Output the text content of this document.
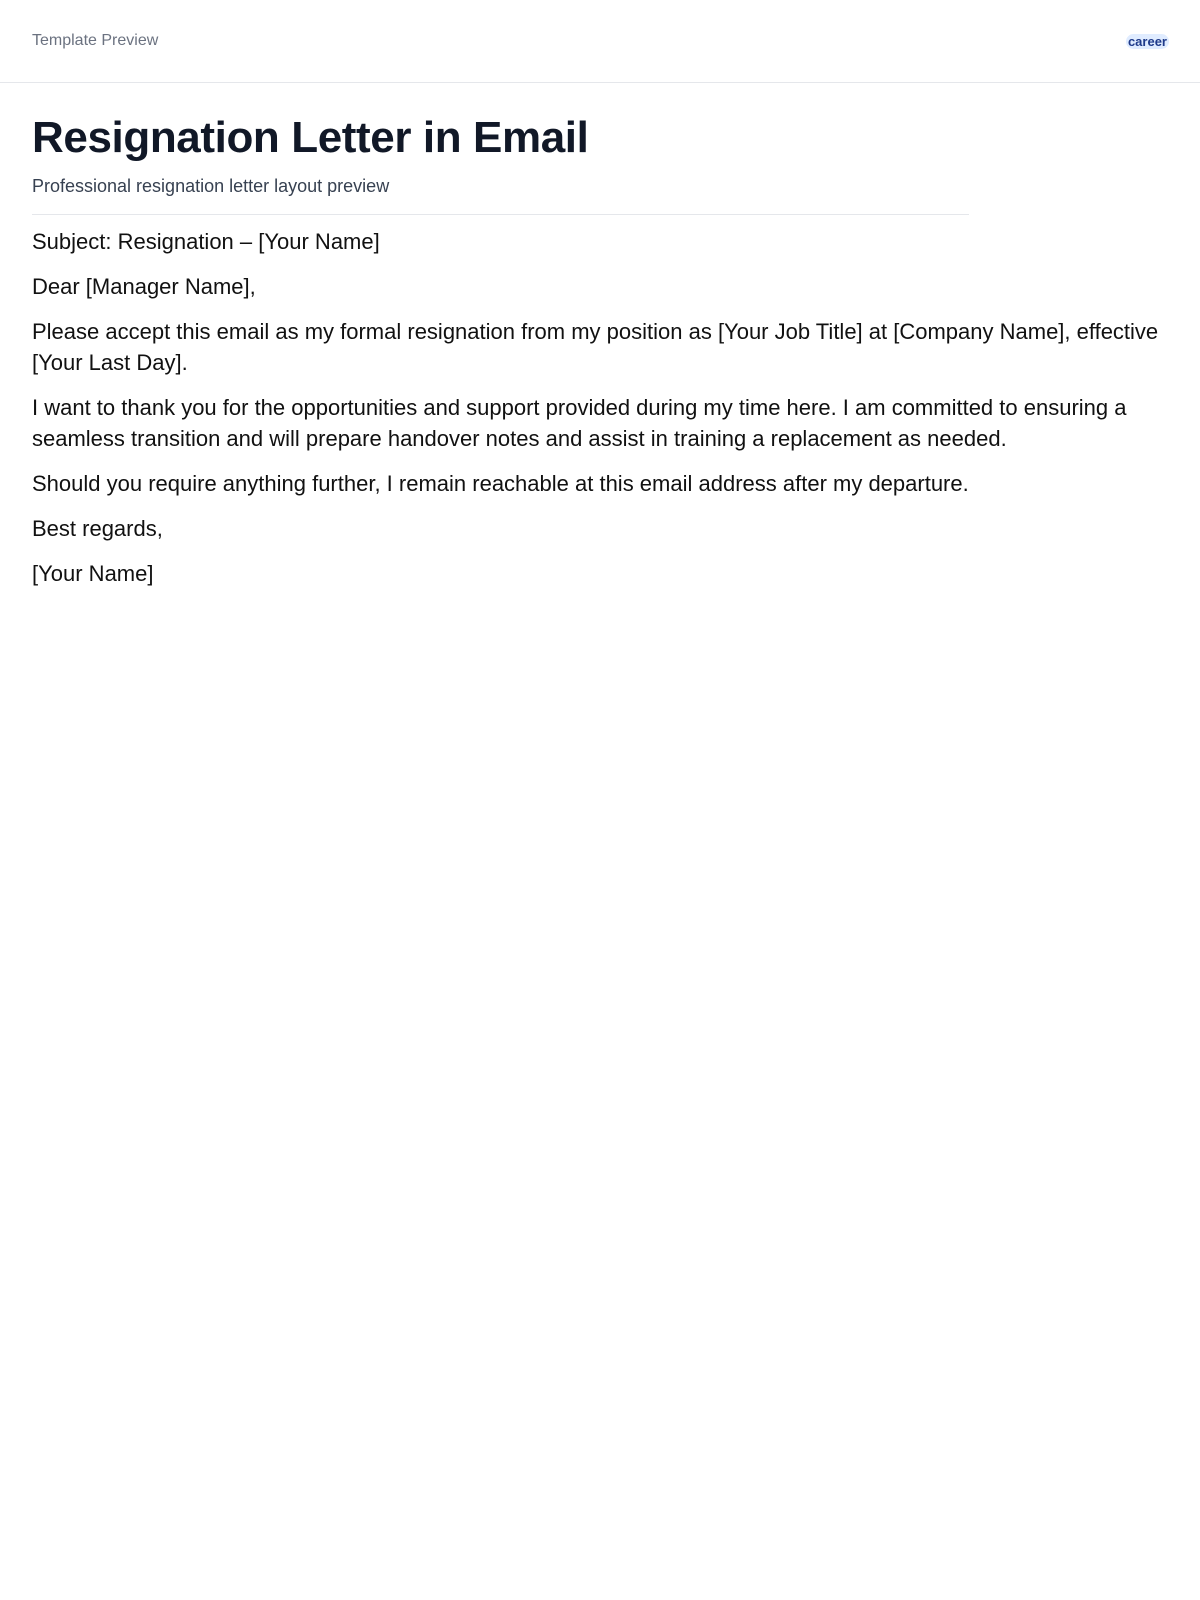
Template Preview	career
Resignation Letter in Email
Professional resignation letter layout preview

Subject: Resignation – [Your Name]

Dear [Manager Name],

Please accept this email as my formal resignation from my position as [Your Job Title] at [Company Name], effective [Your Last Day].

I want to thank you for the opportunities and support provided during my time here. I am committed to ensuring a seamless transition and will prepare handover notes and assist in training a replacement as needed.

Should you require anything further, I remain reachable at this email address after my departure.

Best regards,

[Your Name]
